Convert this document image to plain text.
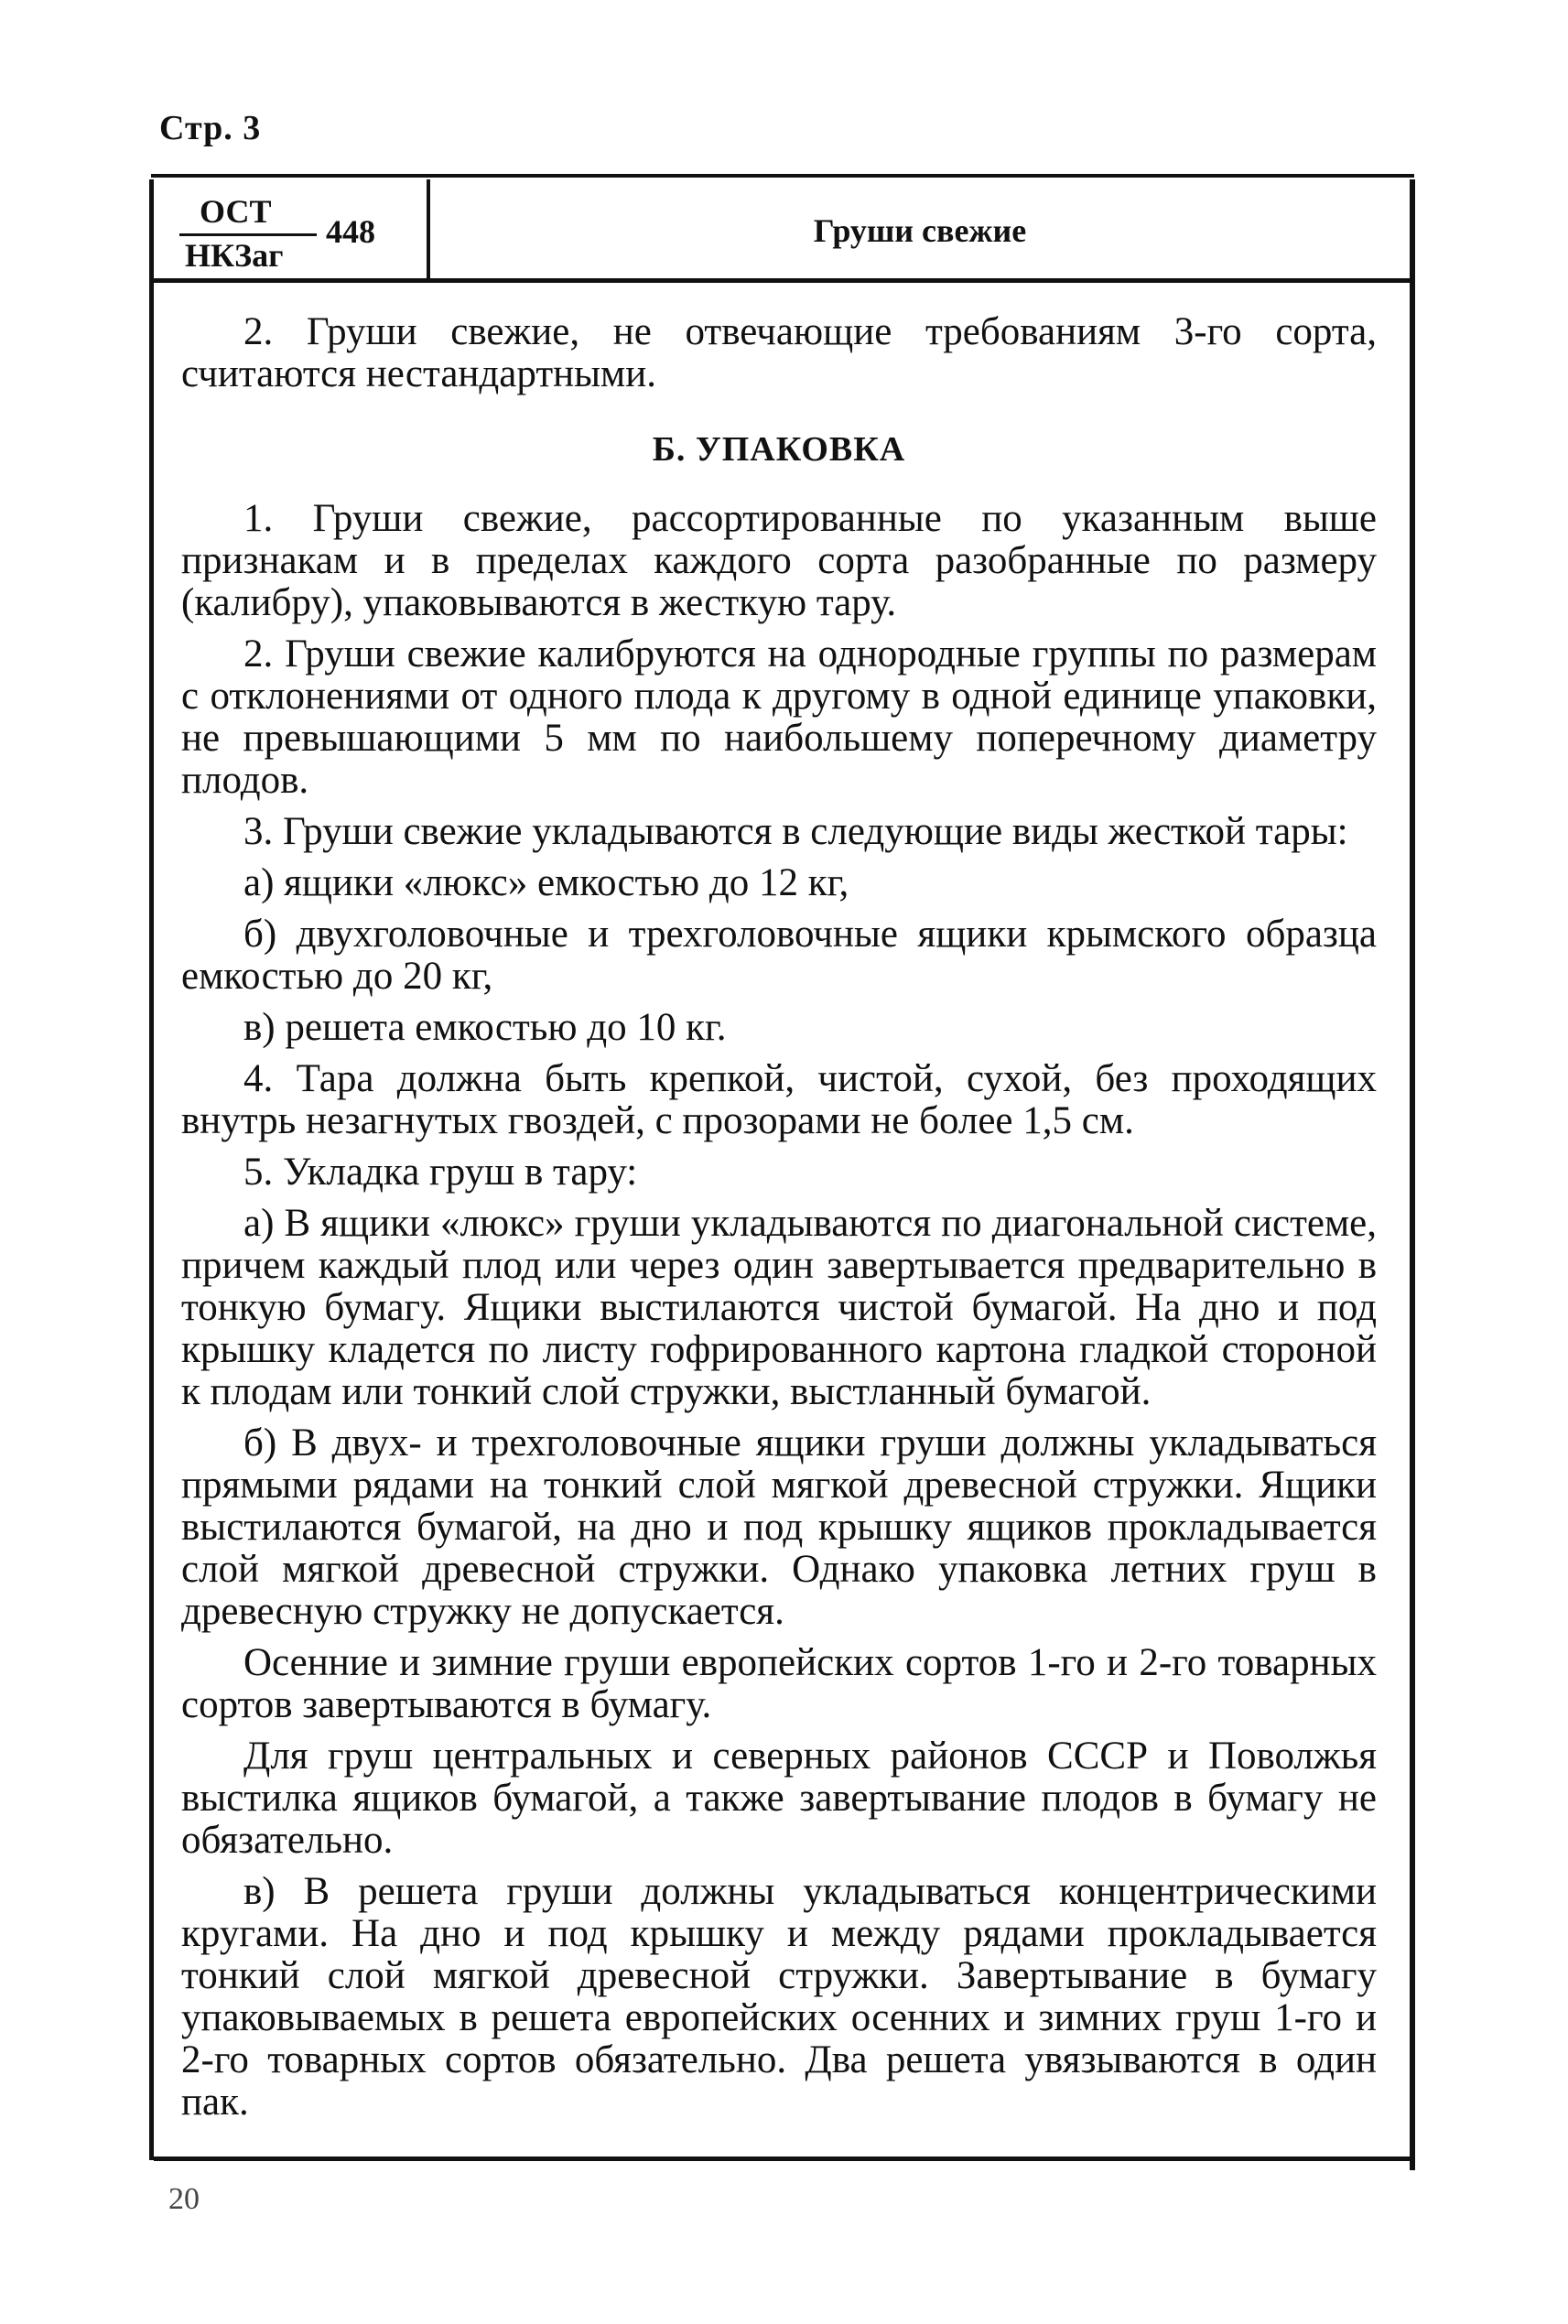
Стр. 3
ОСТ
НКЗаг
448	Груши свежие

2. Груши свежие, не отвечающие требованиям 3-го сорта, считаются нестандартными.

Б. УПАКОВКА

1. Груши свежие, рассортированные по указанным выше признакам и в пределах каждого сорта разобранные по размеру (калибру), упаковываются в жесткую тару.

2. Груши свежие калибруются на однородные группы по размерам с отклонениями от одного плода к другому в одной единице упаковки, не превышающими 5 мм по наибольшему поперечному диаметру плодов.

3. Груши свежие укладываются в следующие виды жесткой тары:

а) ящики «люкс» емкостью до 12 кг,

б) двухголовочные и трехголовочные ящики крымского образца емкостью до 20 кг,

в) решета емкостью до 10 кг.

4. Тара должна быть крепкой, чистой, сухой, без проходящих внутрь незагнутых гвоздей, с прозорами не более 1,5 см.

5. Укладка груш в тару:

а) В ящики «люкс» груши укладываются по диагональной системе, причем каждый плод или через один завертывается предварительно в тонкую бумагу. Ящики выстилаются чистой бумагой. На дно и под крышку кладется по листу гофрированного картона гладкой стороной к плодам или тонкий слой стружки, выстланный бумагой.

б) В двух- и трехголовочные ящики груши должны укладываться прямыми рядами на тонкий слой мягкой древесной стружки. Ящики выстилаются бумагой, на дно и под крышку ящиков прокладывается слой мягкой древесной стружки. Однако упаковка летних груш в древесную стружку не допускается.

Осенние и зимние груши европейских сортов 1-го и 2-го товарных сортов завертываются в бумагу.

Для груш центральных и северных районов СССР и Поволжья выстилка ящиков бумагой, а также завертывание плодов в бумагу не обязательно.

в) В решета груши должны укладываться концентрическими кругами. На дно и под крышку и между рядами прокладывается тонкий слой мягкой древесной стружки. Завертывание в бумагу упаковываемых в решета европейских осенних и зимних груш 1-го и 2-го товарных сортов обязательно. Два решета увязываются в один пак.

20
